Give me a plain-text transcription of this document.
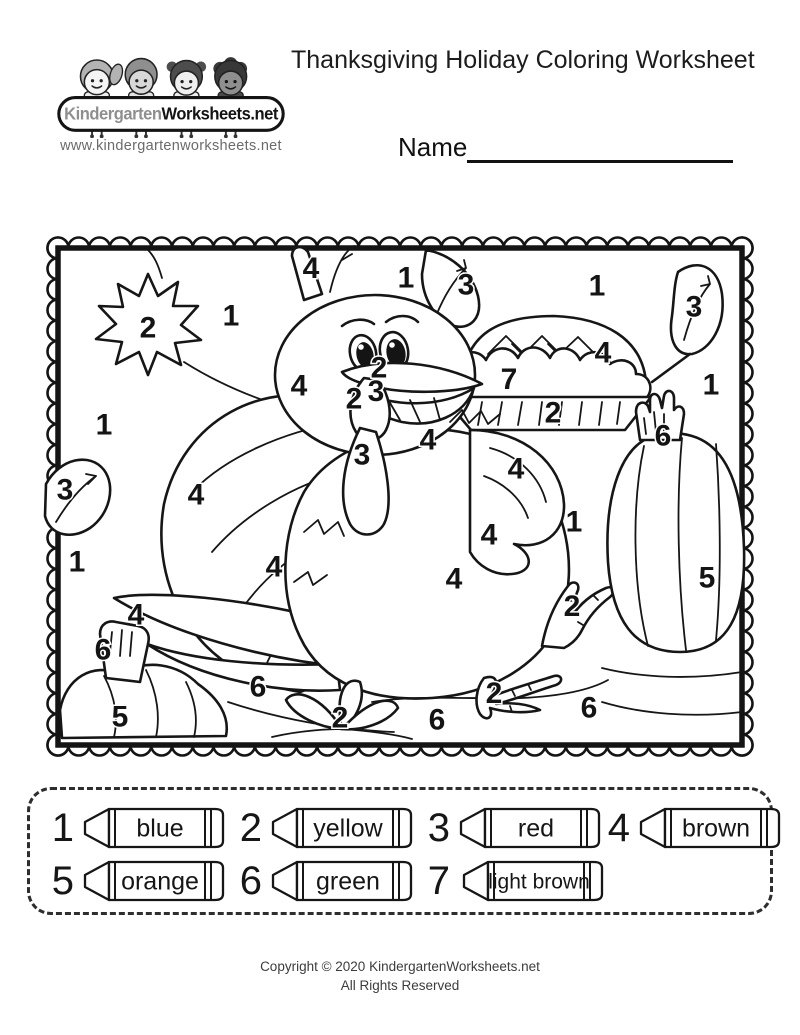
KindergartenWorksheets.net
www.kindergartenworksheets.net
Thanksgiving Holiday Coloring Worksheet
Name
2 1
4	1 3	1
3
4
7
2
1
4
2
2 3
3
1
3	4
4
4
6
1
4
1	4	4	5
4
6
2
5
6
2	6
2	6
1 blue 2 yellow 3	red 4 brown
5 orange 6 green 7 light brown
Copyright © 2020 KindergartenWorksheets.net
All Rights Reserved
